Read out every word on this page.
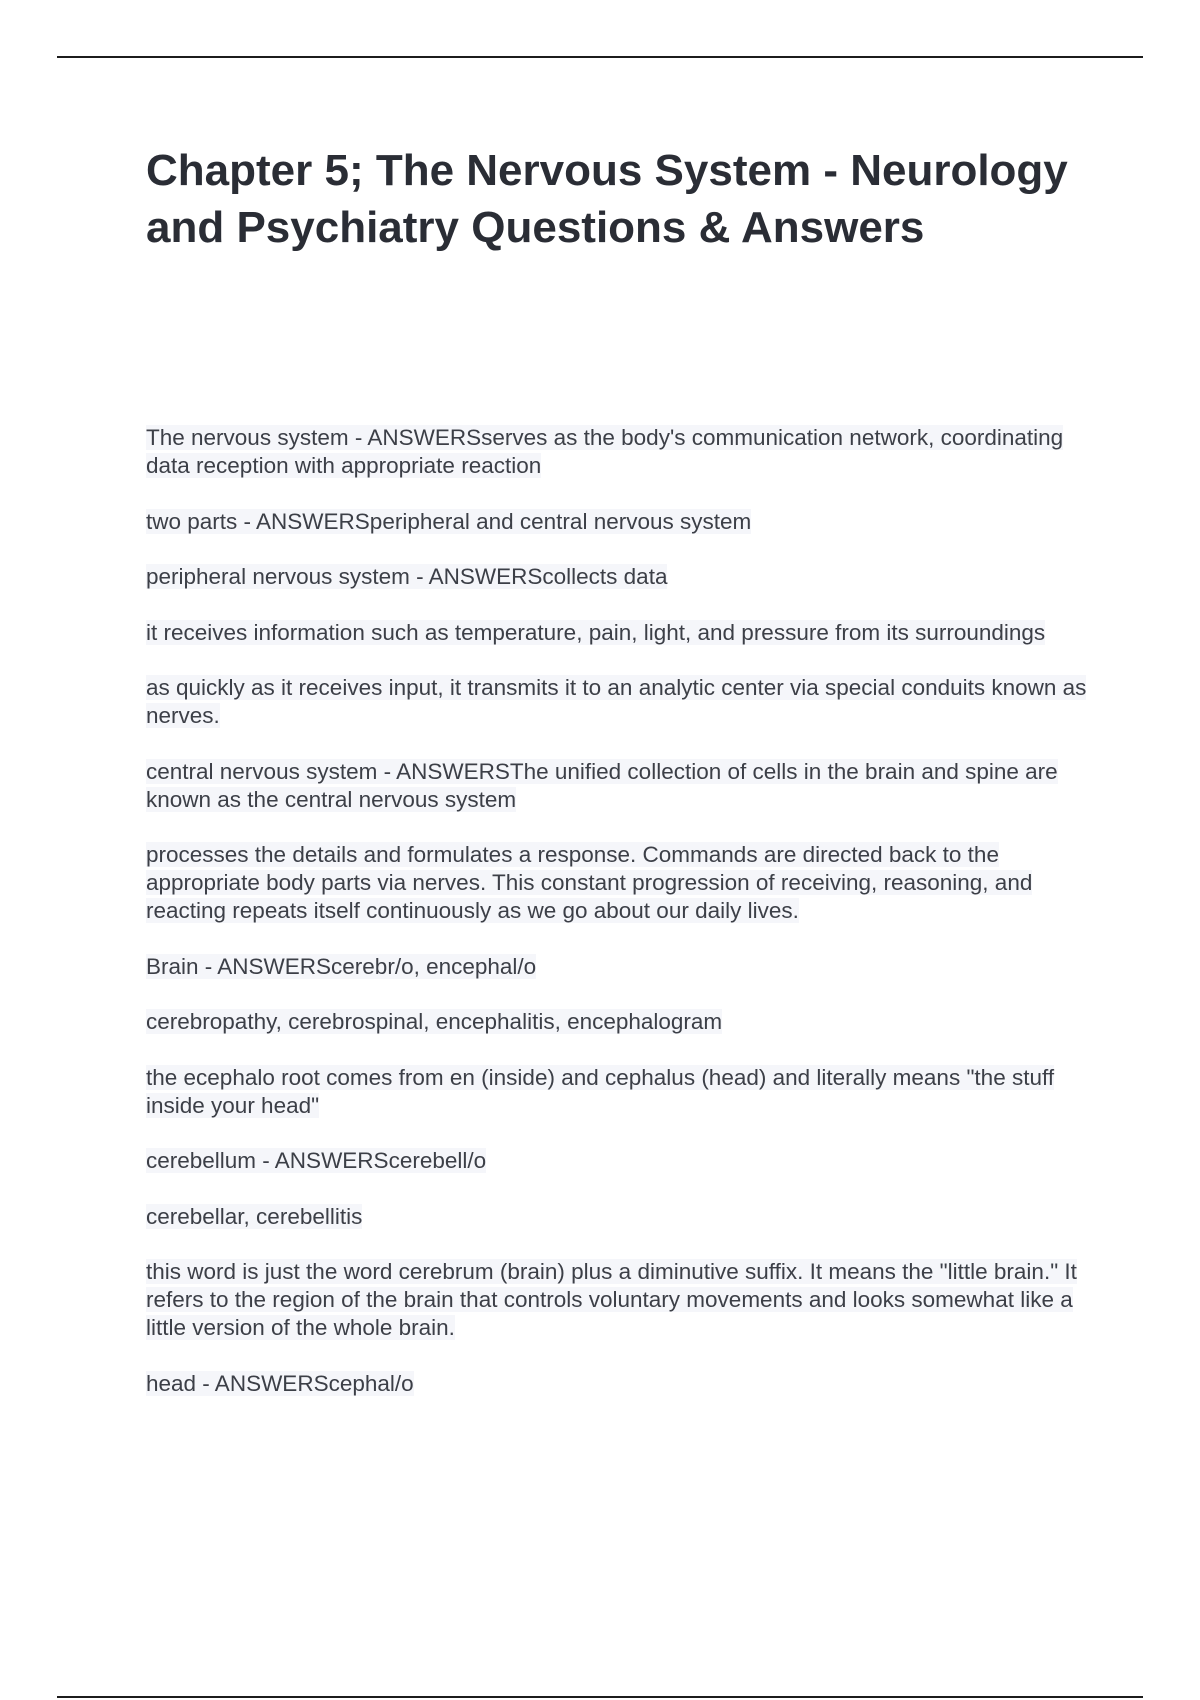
Chapter 5; The Nervous System - Neurology and Psychiatry Questions & Answers
The nervous system - ANSWERSserves as the body's communication network, coordinating data reception with appropriate reaction
two parts - ANSWERSperipheral and central nervous system
peripheral nervous system - ANSWERScollects data
it receives information such as temperature, pain, light, and pressure from its surroundings
as quickly as it receives input, it transmits it to an analytic center via special conduits known as nerves.
central nervous system - ANSWERSThe unified collection of cells in the brain and spine are known as the central nervous system
processes the details and formulates a response. Commands are directed back to the appropriate body parts via nerves. This constant progression of receiving, reasoning, and reacting repeats itself continuously as we go about our daily lives.
Brain - ANSWERScerebr/o, encephal/o
cerebropathy, cerebrospinal, encephalitis, encephalogram
the ecephalo root comes from en (inside) and cephalus (head) and literally means "the stuff inside your head"
cerebellum - ANSWERScerebell/o
cerebellar, cerebellitis
this word is just the word cerebrum (brain) plus a diminutive suffix. It means the "little brain." It refers to the region of the brain that controls voluntary movements and looks somewhat like a little version of the whole brain.
head - ANSWERScephal/o
